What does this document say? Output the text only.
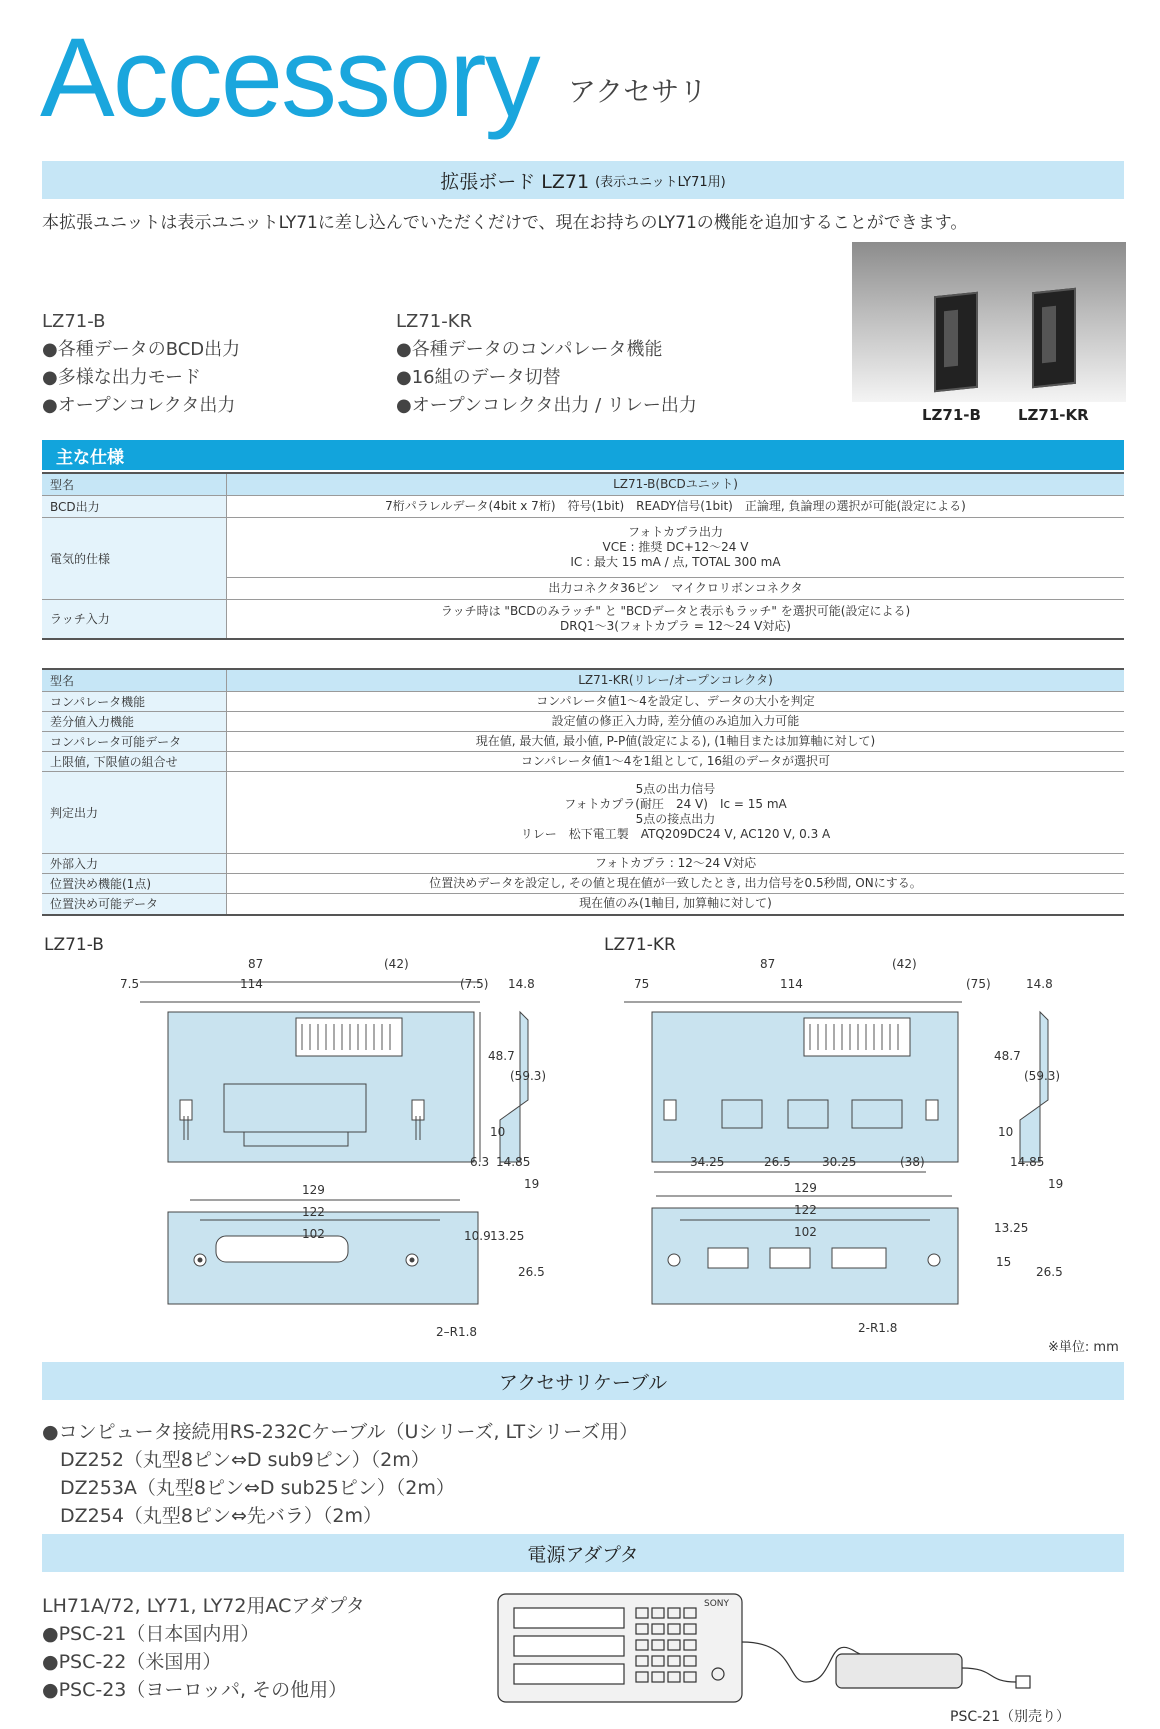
Accessory アクセサリ
拡張ボード LZ71 (表示ユニットLY71用)
本拡張ユニットは表示ユニットLY71に差し込んでいただくだけで、現在お持ちのLY71の機能を追加することができます。
LZ71-B
●各種データのBCD出力
●多様な出力モード
●オープンコレクタ出力
LZ71-KR
●各種データのコンパレータ機能
●16組のデータ切替
●オープンコレクタ出力 / リレー出力	LZ71-B LZ71-KR
主な仕様
型名	LZ71-B(BCDユニット)
BCD出力	7桁パラレルデータ(4bit x 7桁)　符号(1bit)　READY信号(1bit)　正論理, 負論理の選択が可能(設定による)
電気的仕様	フォトカプラ出力
VCE : 推奨 DC+12～24 V
IC : 最大 15 mA / 点, TOTAL 300 mA

	出力コネクタ36ピン　マイクロリボンコネクタ
ラッチ入力	ラッチ時は "BCDのみラッチ" と "BCDデータと表示もラッチ" を選択可能(設定による)
DRQ1～3(フォトカプラ = 12～24 V対応)
型名	LZ71-KR(リレー/オープンコレクタ)
コンパレータ機能	コンパレータ値1～4を設定し、データの大小を判定
差分値入力機能	設定値の修正入力時, 差分値のみ追加入力可能
コンパレータ可能データ	現在値, 最大値, 最小値, P-P値(設定による), (1軸目または加算軸に対して)
上限値, 下限値の組合せ	コンパレータ値1～4を1組として, 16組のデータが選択可
判定出力	5点の出力信号
フォトカプラ(耐圧　24 V)　Ic = 15 mA
5点の接点出力
リレー　松下電工製　ATQ209DC24 V, AC120 V, 0.3 A

外部入力	フォトカプラ : 12～24 V対応
位置決め機能(1点)	位置決めデータを設定し, その値と現在値が一致したとき, 出力信号を0.5秒間, ONにする。
位置決め可能データ	現在値のみ(1軸目, 加算軸に対して)
LZ71-B	LZ71-KR
87	(42)
7.5	114	(7.5) 14.8
48.7
(59.3)
10
6.3 14.85
19
129
122
102	10.9 13.25
26.5
2–R1.8
87	(42)
75	114	(75)	14.8
48.7
(59.3)
10
34.25	26.5	30.25	(38)	14.85
19
129
122
102	13.25
15
26.5
2-R1.8
※単位: mm
アクセサリケーブル
●コンピュータ接続用RS-232Cケーブル（Uシリーズ, LTシリーズ用）
DZ252（丸型8ピン⇔D sub9ピン）（2m）
DZ253A（丸型8ピン⇔D sub25ピン）（2m）
DZ254（丸型8ピン⇔先バラ）（2m）
電源アダプタ
LH71A/72, LY71, LY72用ACアダプタ
●PSC-21（日本国内用）
●PSC-22（米国用）
●PSC-23（ヨーロッパ, その他用）
SONY
PSC-21（別売り）
